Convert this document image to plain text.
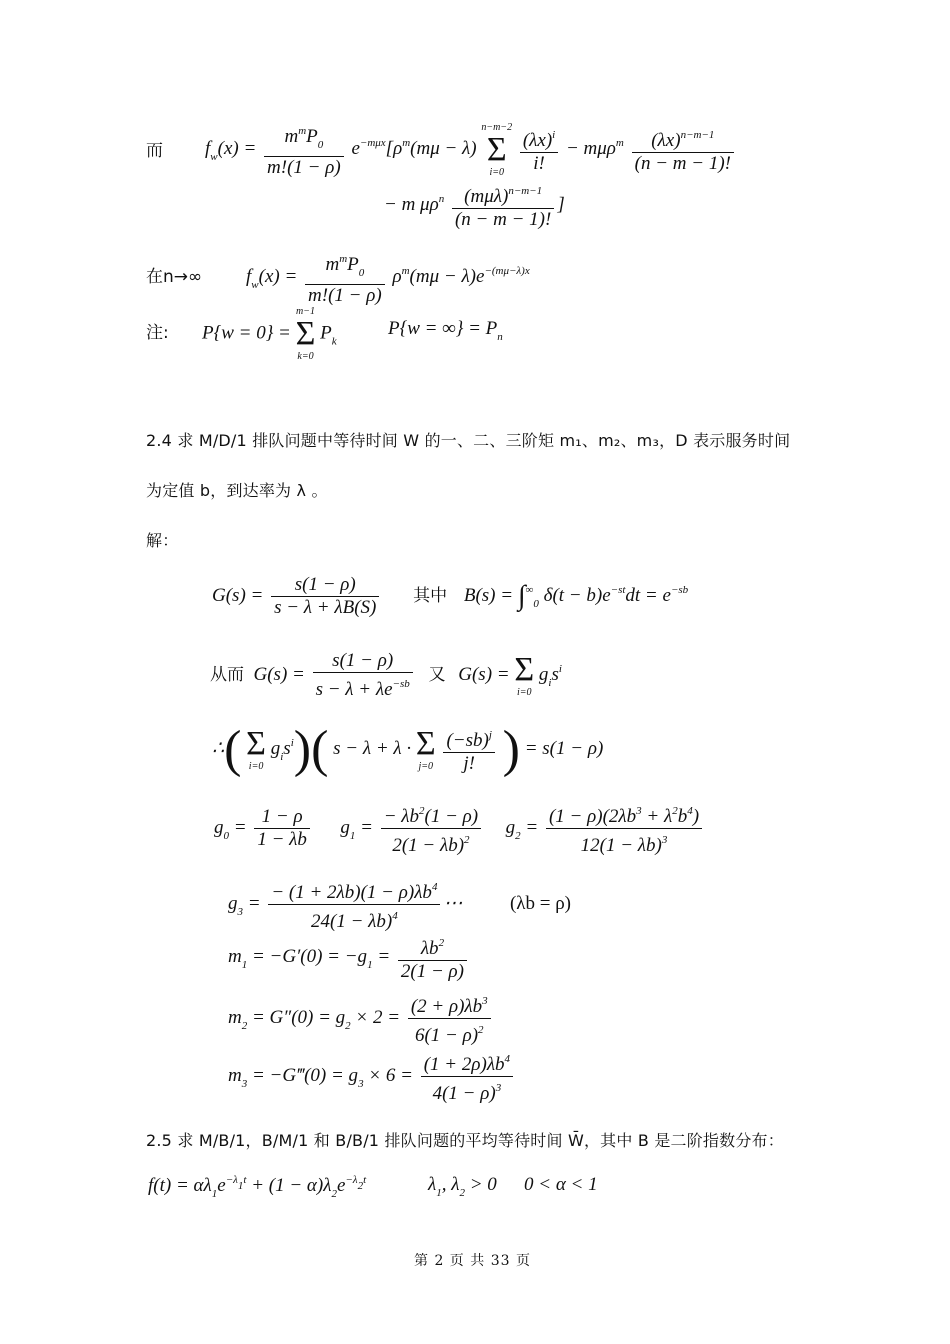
而 $f_w(x) = \frac{m^mP_0}{m!(1 - \rho)} e^{-m\mu x}[\rho^m(m\mu - \lambda)$
n−m−2
Σ
i=0
$\frac{(\lambda x)^i}{i!} - m\mu\rho^m \frac{(\lambda x)^{n-m-1}}{(n - m - 1)!}$
− m $\mu\rho^n \frac{(m\mu\lambda)^{n-m-1}}{(n - m - 1)!}$ ]
在n→∞ $f_w(x) = \frac{m^mP_0}{m!(1 - \rho)} \rho^m(m\mu - \lambda)e^{-(m\mu-\lambda)x}$
注: P{w = 0} =
m−1
Σ
k=0
$P_k$
P{w = ∞} = $P_n$
2.4 求 M/D/1 排队问题中等待时间 W 的一、二、三阶矩 m₁、m₂、m₃，D 表示服务时间
为定值 b，到达率为 λ 。
解：
$G(s) = \frac{s(1 - \rho)}{s - \lambda + \lambda B(S)}$ 其中 $B(s) = \int^\infty_0$ $\delta(t - b)e^{-st}dt = e^{-sb}$
从而  $G(s) = \frac{s(1 - \rho)}{s - \lambda + \lambda e^{-sb}}$ 又 G(s) = Σ
i=0
$g_is^i$
∴( Σ
i=0
$g_is^i$)( s − λ + λ · Σ
j=0
$\frac{(-sb)^j}{j!}$ ) = s(1 − ρ)
$g_0 = \frac{1 - \rho}{1 - \lambda b} g_1 = \frac{- \lambda b^2(1 - \rho)}{2(1 - \lambda b)^2} g_2 = \frac{(1 - \rho)(2\lambda b^3 + \lambda^2b^4)}{12(1 - \lambda b)^3}$
$g_3 = \frac{- (1 + 2\lambda b)(1 - \rho)\lambda b^4}{24(1 - \lambda b)^4}$ ⋯  (λb = ρ)
$m_1 = -G'(0) = -g_1 = \frac{\lambda b^2}{2(1 - \rho)}$
$m_2 = G''(0) = g_2 \times 2 = \frac{(2 + \rho)\lambda b^3}{6(1 - \rho)^2}$
$m_3$ = −G‴(0) = $g_3 \times 6 = \frac{(1 + 2\rho)\lambda b^4}{4(1 - \rho)^3}$
2.5 求 M/B/1，B/M/1 和 B/B/1 排队问题的平均等待时间 W̄，其中 B 是二阶指数分布：
$f(t) = \alpha\lambda_1e^{-\lambda_1t} + (1 - \alpha)\lambda_2e^{-\lambda_2t}$	$\lambda_1$, $\lambda_2 > 0$ 0 < α < 1
第 2 页 共 33 页
